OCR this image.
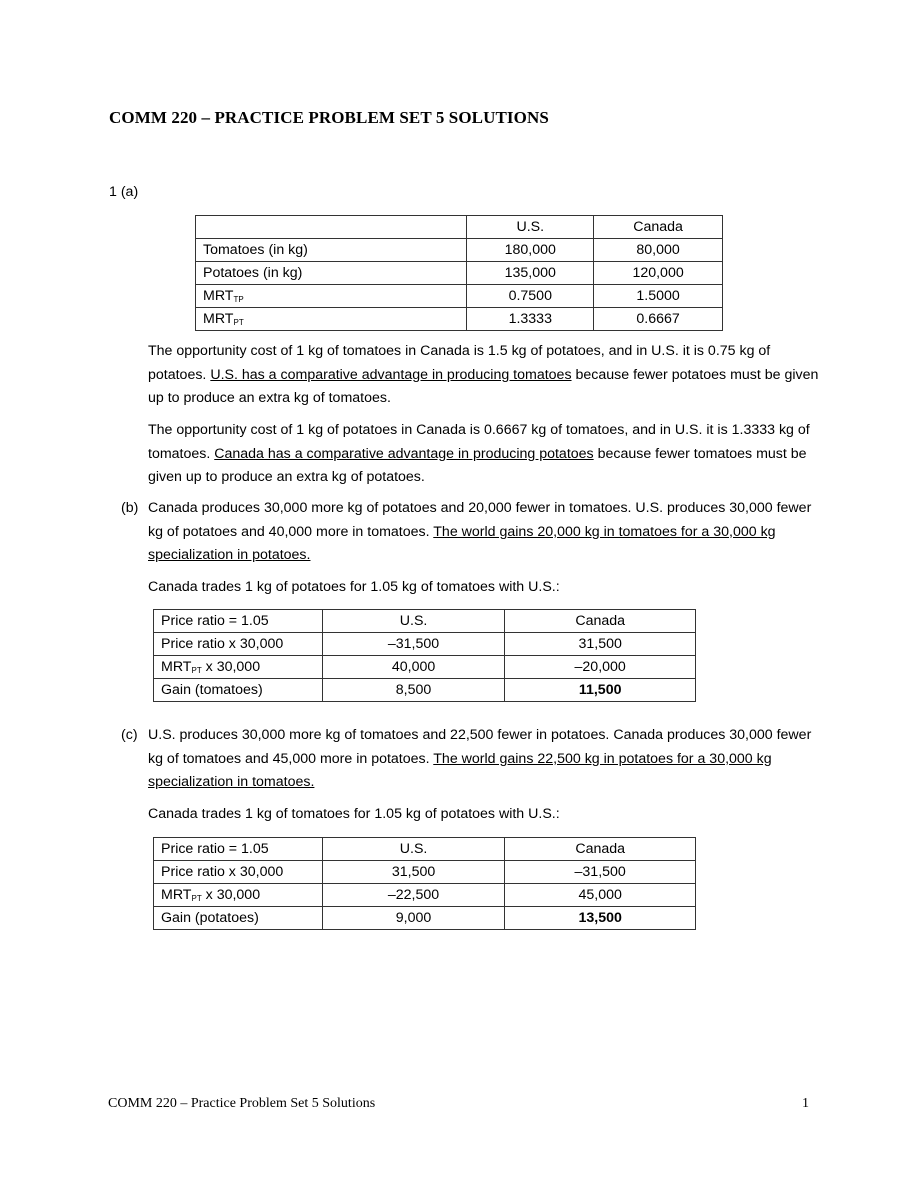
COMM 220 – PRACTICE PROBLEM SET 5 SOLUTIONS
1 (a)
	U.S.	Canada
Tomatoes (in kg)	180,000	80,000
Potatoes (in kg)	135,000	120,000
$MRT_{TP}$	0.7500	1.5000
$MRT_{PT}$	1.3333	0.6667

The opportunity cost of 1 kg of tomatoes in Canada is 1.5 kg of potatoes, and in U.S. it is 0.75 kg of potatoes. U.S. has a comparative advantage in producing tomatoes because fewer potatoes must be given up to produce an extra kg of tomatoes.

The opportunity cost of 1 kg of potatoes in Canada is 0.6667 kg of tomatoes, and in U.S. it is 1.3333 kg of tomatoes. Canada has a comparative advantage in producing potatoes because fewer tomatoes must be given up to produce an extra kg of potatoes.

(b) Canada produces 30,000 more kg of potatoes and 20,000 fewer in tomatoes. U.S. produces 30,000 fewer kg of potatoes and 40,000 more in tomatoes. The world gains 20,000 kg in tomatoes for a 30,000 kg specialization in potatoes.

Canada trades 1 kg of potatoes for 1.05 kg of tomatoes with U.S.:

Price ratio = 1.05	U.S.	Canada
Price ratio x 30,000	–31,500	31,500
$MRT_{PT}$ x 30,000	40,000	–20,000
Gain (tomatoes)	8,500	11,500
(c) U.S. produces 30,000 more kg of tomatoes and 22,500 fewer in potatoes. Canada produces 30,000 fewer kg of tomatoes and 45,000 more in potatoes. The world gains 22,500 kg in potatoes for a 30,000 kg specialization in tomatoes.

Canada trades 1 kg of tomatoes for 1.05 kg of potatoes with U.S.:

Price ratio = 1.05	U.S.	Canada
Price ratio x 30,000	31,500	–31,500
$MRT_{PT}$ x 30,000	–22,500	45,000
Gain (potatoes)	9,000	13,500
COMM 220 – Practice Problem Set 5 Solutions	1
